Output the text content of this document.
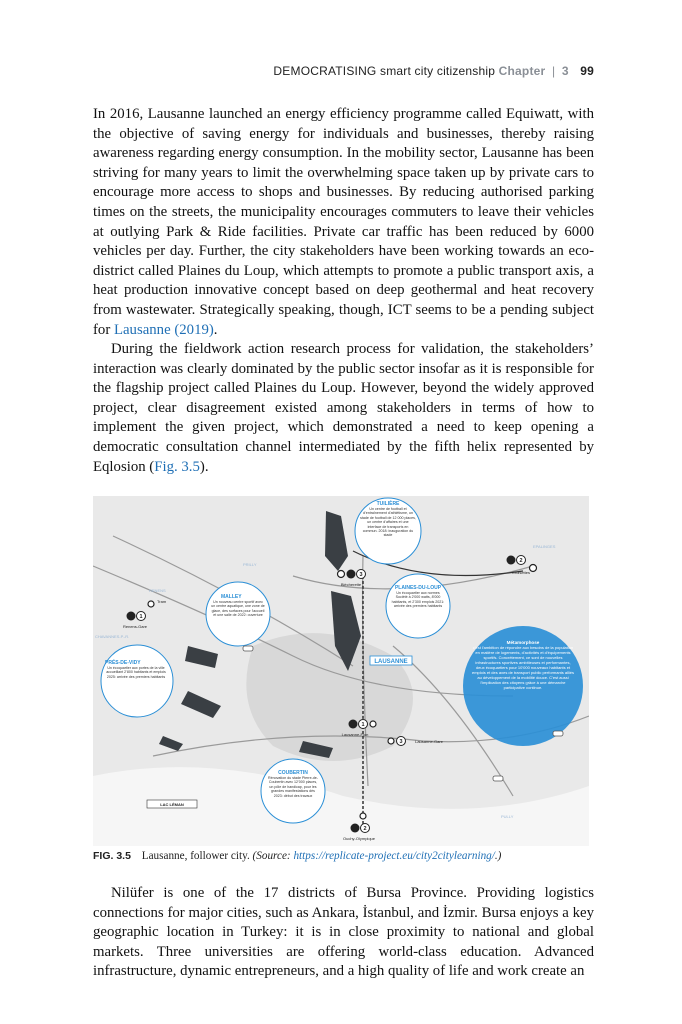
DEMOCRATISING smart city citizenship Chapter | 3 99

In 2016, Lausanne launched an energy efficiency programme called Equiwatt, with the objective of saving energy for individuals and businesses, thereby raising awareness regarding energy consumption. In the mobility sector, Lausanne has been striving for many years to limit the overwhelming space taken up by private cars to encourage more access to shops and businesses. By reducing authorised parking times on the streets, the municipality encourages commuters to leave their vehicles at outlying Park & Ride facilities. Private car traffic has been reduced by 6000 vehicles per day. Further, the city stakeholders have been working towards an eco-district called Plaines du Loup, which attempts to promote a public transport axis, a heat production innovative concept based on deep geothermal and heat recovery from wastewater. Strategically speaking, though, ICT seems to be a pending subject for Lausanne (2019).

During the fieldwork action research process for validation, the stakeholders’ interaction was clearly dominated by the public sector insofar as it is responsible for the flagship project called Plaines du Loup. However, beyond the widely approved project, clear disagreement existed among stakeholders in terms of how to implement the given project, which demonstrated a need to keep opening a democratic consultation channel intermediated by the fifth helix represented by Eqlosion (Fig. 3.5).

TUILIÈRE
Un centre de football et d'entraînement d'athlétisme, un stade de football de 12 000 places, un centre d'affaires et une interface de transports en commun. 2018: inauguration du stade
MALLEY
Un nouveau centre sportif avec un centre aquatique, une zone de glace, des surfaces pour l'accueil et une salle de 2022: ouverture
PLAINES-DU-LOUP
Un écoquartier aux normes Société à 2'000 watts, 8'000 habitants, et 2'300 emplois 2021: arrivée des premiers habitants
PRÉS-DE-VIDY
Un écoquartier aux portes de la ville accueillant 2'800 habitants et emplois 2025: arrivée des premiers habitants
COUBERTIN
Rénovation du stade Pierre-de-Coubertin avec 12'000 places, un pôle de handicap, pour les grandes manifestations dès 2023: début des travaux
Métamorphose
c'est l'ambition de répondre aux besoins de la population en matière de logements, d'activités et d'équipements sportifs. Concrètement, ce sont de nouvelles infrastructures sportives ambitieuses et performantes, deux écoquartiers pour 10'000 nouveaux habitants et emplois et des axes de transport public performants alliés au développement de la mobilité douce. C'est aussi l'implication des citoyens grâce à une démarche participative continue.
LAUSANNE
LAC LÉMAN
RENENS
EPALINGES
CHAVANNES-P.-R.
PULLY
PRILLY
3
Blécherette
2
Croisettes
1
Renens-Gare
Tram
1
Lausanne-Flon
3	Lausanne-Gare
2
Ouchy-Olympique
FIG. 3.5 Lausanne, follower city. (Source: https://replicate-project.eu/city2citylearning/.)

Nilüfer is one of the 17 districts of Bursa Province. Providing logistics connections for major cities, such as Ankara, İstanbul, and İzmir. Bursa enjoys a key geographic location in Turkey: it is in close proximity to national and global markets. Three universities are offering world-class education. Advanced infrastructure, dynamic entrepreneurs, and a high quality of life and work create an
